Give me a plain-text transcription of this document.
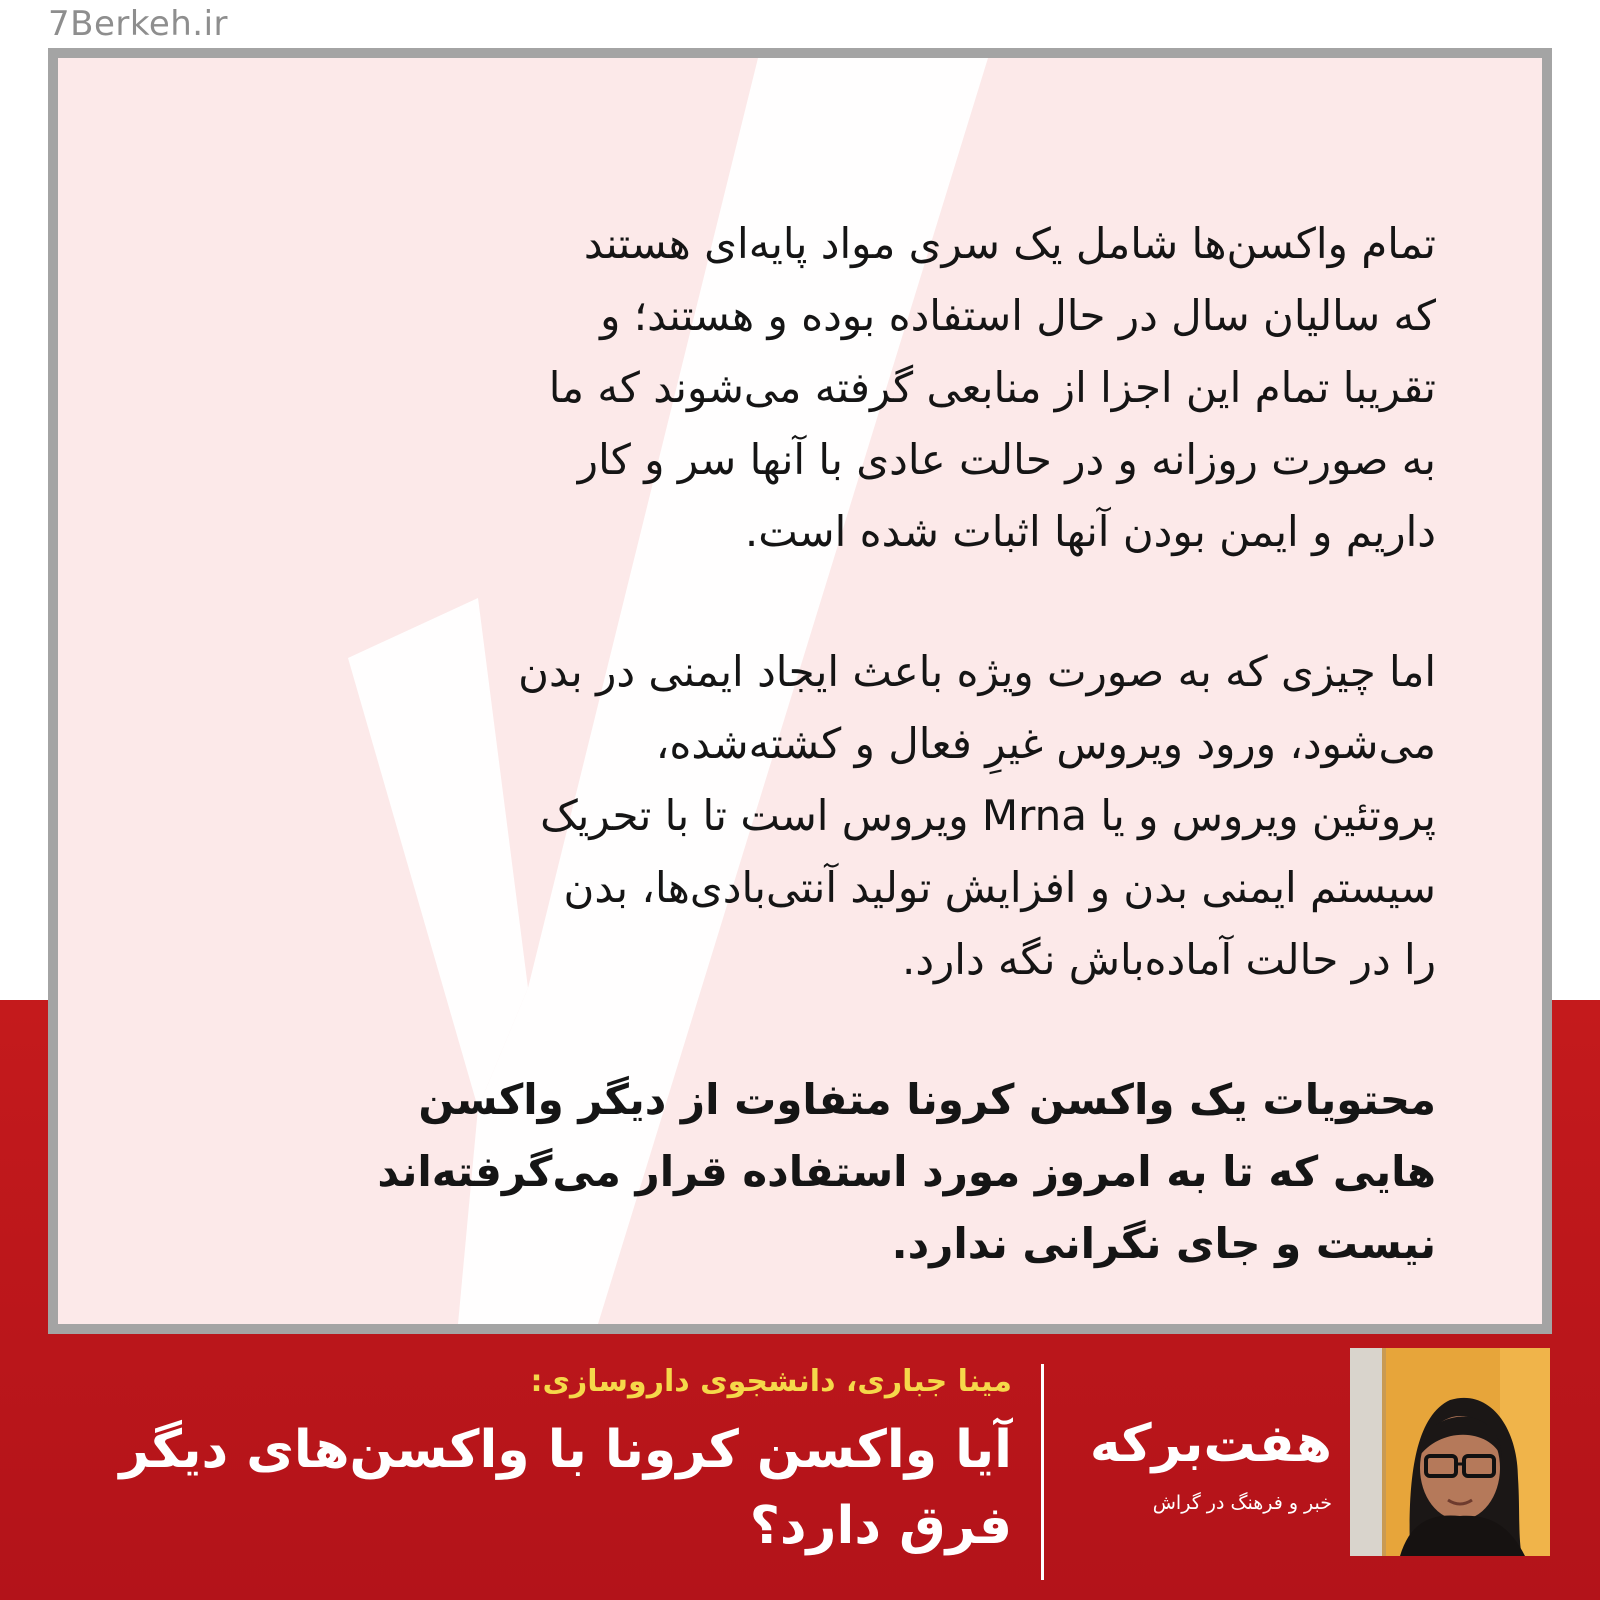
7Berkeh.ir

تمام واکسن‌ها شامل یک سری مواد پایه‌ای هستند
که سالیان سال در حال استفاده بوده و هستند؛ و
تقریبا تمام این اجزا از منابعی گرفته می‌شوند که ما
به صورت روزانه و در حالت عادی با آنها سر و کار
داریم و ایمن بودن آنها اثبات شده است.

اما چیزی که به صورت ویژه باعث ایجاد ایمنی در بدن
می‌شود، ورود ویروس غیرِ فعال و کشته‌شده،
پروتئین ویروس و یا Mrna ویروس است تا با تحریک
سیستم ایمنی بدن و افزایش تولید آنتی‌بادی‌ها، بدن
را در حالت آماده‌باش نگه دارد.

محتویات یک واکسن کرونا متفاوت از دیگر واکسن
هایی که تا به امروز مورد استفاده قرار می‌گرفته‌اند
نیست و جای نگرانی ندارد.

مینا جباری، دانشجوی داروسازی:
آیا واکسن کرونا با واکسن‌های دیگر
فرق دارد؟
هفت‌برکه
خبر و فرهنگ در گراش
